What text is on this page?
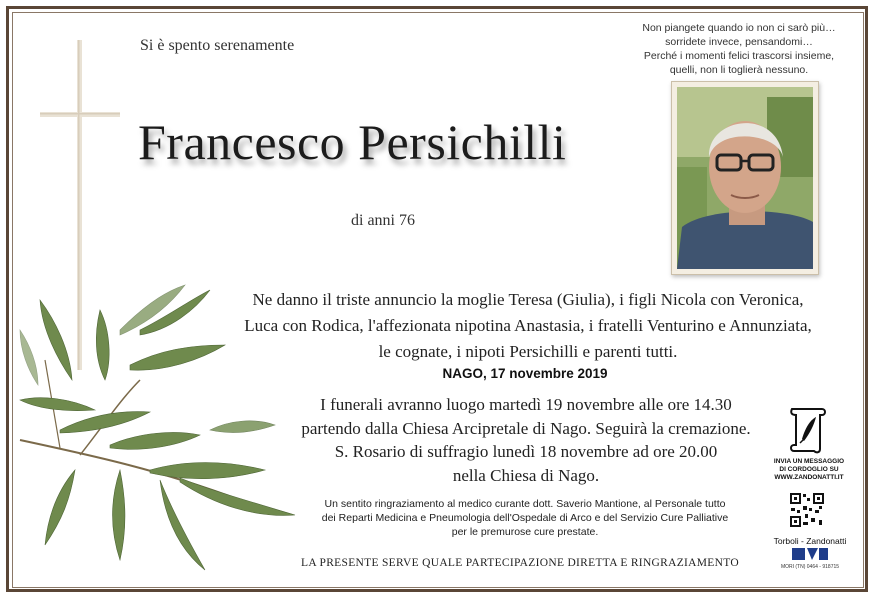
Si è spento serenamente
Non piangete quando io non ci sarò più…
sorridete invece, pensandomi…
Perché i momenti felici trascorsi insieme,
quelli, non li toglierà nessuno.
Francesco Persichilli
di anni 76
Ne danno il triste annuncio la moglie Teresa (Giulia), i figli Nicola con Veronica,
Luca con Rodica, l'affezionata nipotina Anastasia, i fratelli Venturino e Annunziata,
le cognate, i nipoti Persichilli e parenti tutti.
NAGO, 17 novembre 2019
I funerali avranno luogo martedì 19 novembre alle ore 14.30
partendo dalla Chiesa Arcipretale di Nago. Seguirà la cremazione.
S. Rosario di suffragio lunedì 18 novembre ad ore 20.00
nella Chiesa di Nago.
Un sentito ringraziamento al medico curante dott. Saverio Mantione, al Personale tutto
dei Reparti Medicina e Pneumologia dell'Ospedale di Arco e del Servizio Cure Palliative
per le premurose cure prestate.
LA PRESENTE SERVE QUALE PARTECIPAZIONE DIRETTA E RINGRAZIAMENTO
INVIA UN MESSAGGIO
DI CORDOGLIO SU
WWW.ZANDONATTI.IT
Torboli - Zandonatti
MORI (TN) 0464 - 918715
